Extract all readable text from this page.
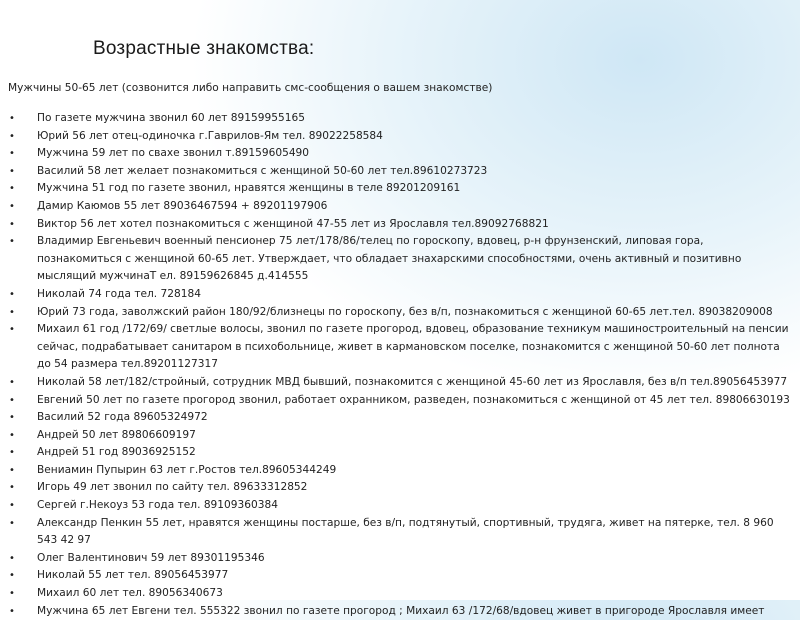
Возрастные знакомства:
Мужчины 50-65 лет (созвонится либо направить смс-сообщения о вашем знакомстве)
• По газете мужчина звонил 60 лет 89159955165
• Юрий 56 лет отец-одиночка г.Гаврилов-Ям тел. 89022258584
• Мужчина 59 лет по свахе звонил т.89159605490
• Василий 58 лет желает познакомиться с женщиной 50-60 лет тел.89610273723
• Мужчина 51 год по газете звонил, нравятся женщины в теле 89201209161
• Дамир Каюмов 55 лет 89036467594 + 89201197906
• Виктор 56 лет хотел познакомиться с женщиной 47-55 лет из Ярославля тел.89092768821
• Владимир Евгеньевич военный пенсионер 75 лет/178/86/телец по гороскопу, вдовец, р-н фрунзенский, липовая гора, познакомиться с женщиной 60-65 лет. Утверждает, что обладает знахарскими способностями, очень активный и позитивно мыслящий мужчинаТ ел. 89159626845 д.414555
• Николай 74 года тел. 728184
• Юрий 73 года, заволжский район 180/92/близнецы по гороскопу, без в/п, познакомиться с женщиной 60-65 лет.тел. 89038209008
• Михаил 61 год /172/69/ светлые волосы, звонил по газете прогород, вдовец, образование техникум машиностроительный на пенсии сейчас, подрабатывает санитаром в психобольнице, живет в кармановском поселке, познакомится с женщиной 50-60 лет полнота до 54 размера тел.89201127317
• Николай 58 лет/182/стройный, сотрудник МВД бывший, познакомится с женщиной 45-60 лет из Ярославля, без в/п тел.89056453977
• Евгений 50 лет по газете прогород звонил, работает охранником, разведен, познакомиться с женщиной от 45 лет тел. 89806630193
• Василий 52 года 89605324972
• Андрей 50 лет 89806609197
• Андрей 51 год 89036925152
• Вениамин Пупырин 63 лет г.Ростов тел.89605344249
• Игорь 49 лет звонил по сайту тел. 89633312852
• Сергей г.Некоуз 53 года тел. 89109360384
• Александр Пенкин 55 лет, нравятся женщины постарше, без в/п, подтянутый, спортивный, трудяга, живет на пятерке, тел. 8 960 543 42 97
• Олег Валентинович 59 лет 89301195346
• Николай 55 лет тел. 89056453977
• Михаил 60 лет тел. 89056340673
• Мужчина 65 лет Евгени тел. 555322 звонил по газете прогород ; Михаил 63 /172/68/вдовец живет в пригороде Ярославля имеет
